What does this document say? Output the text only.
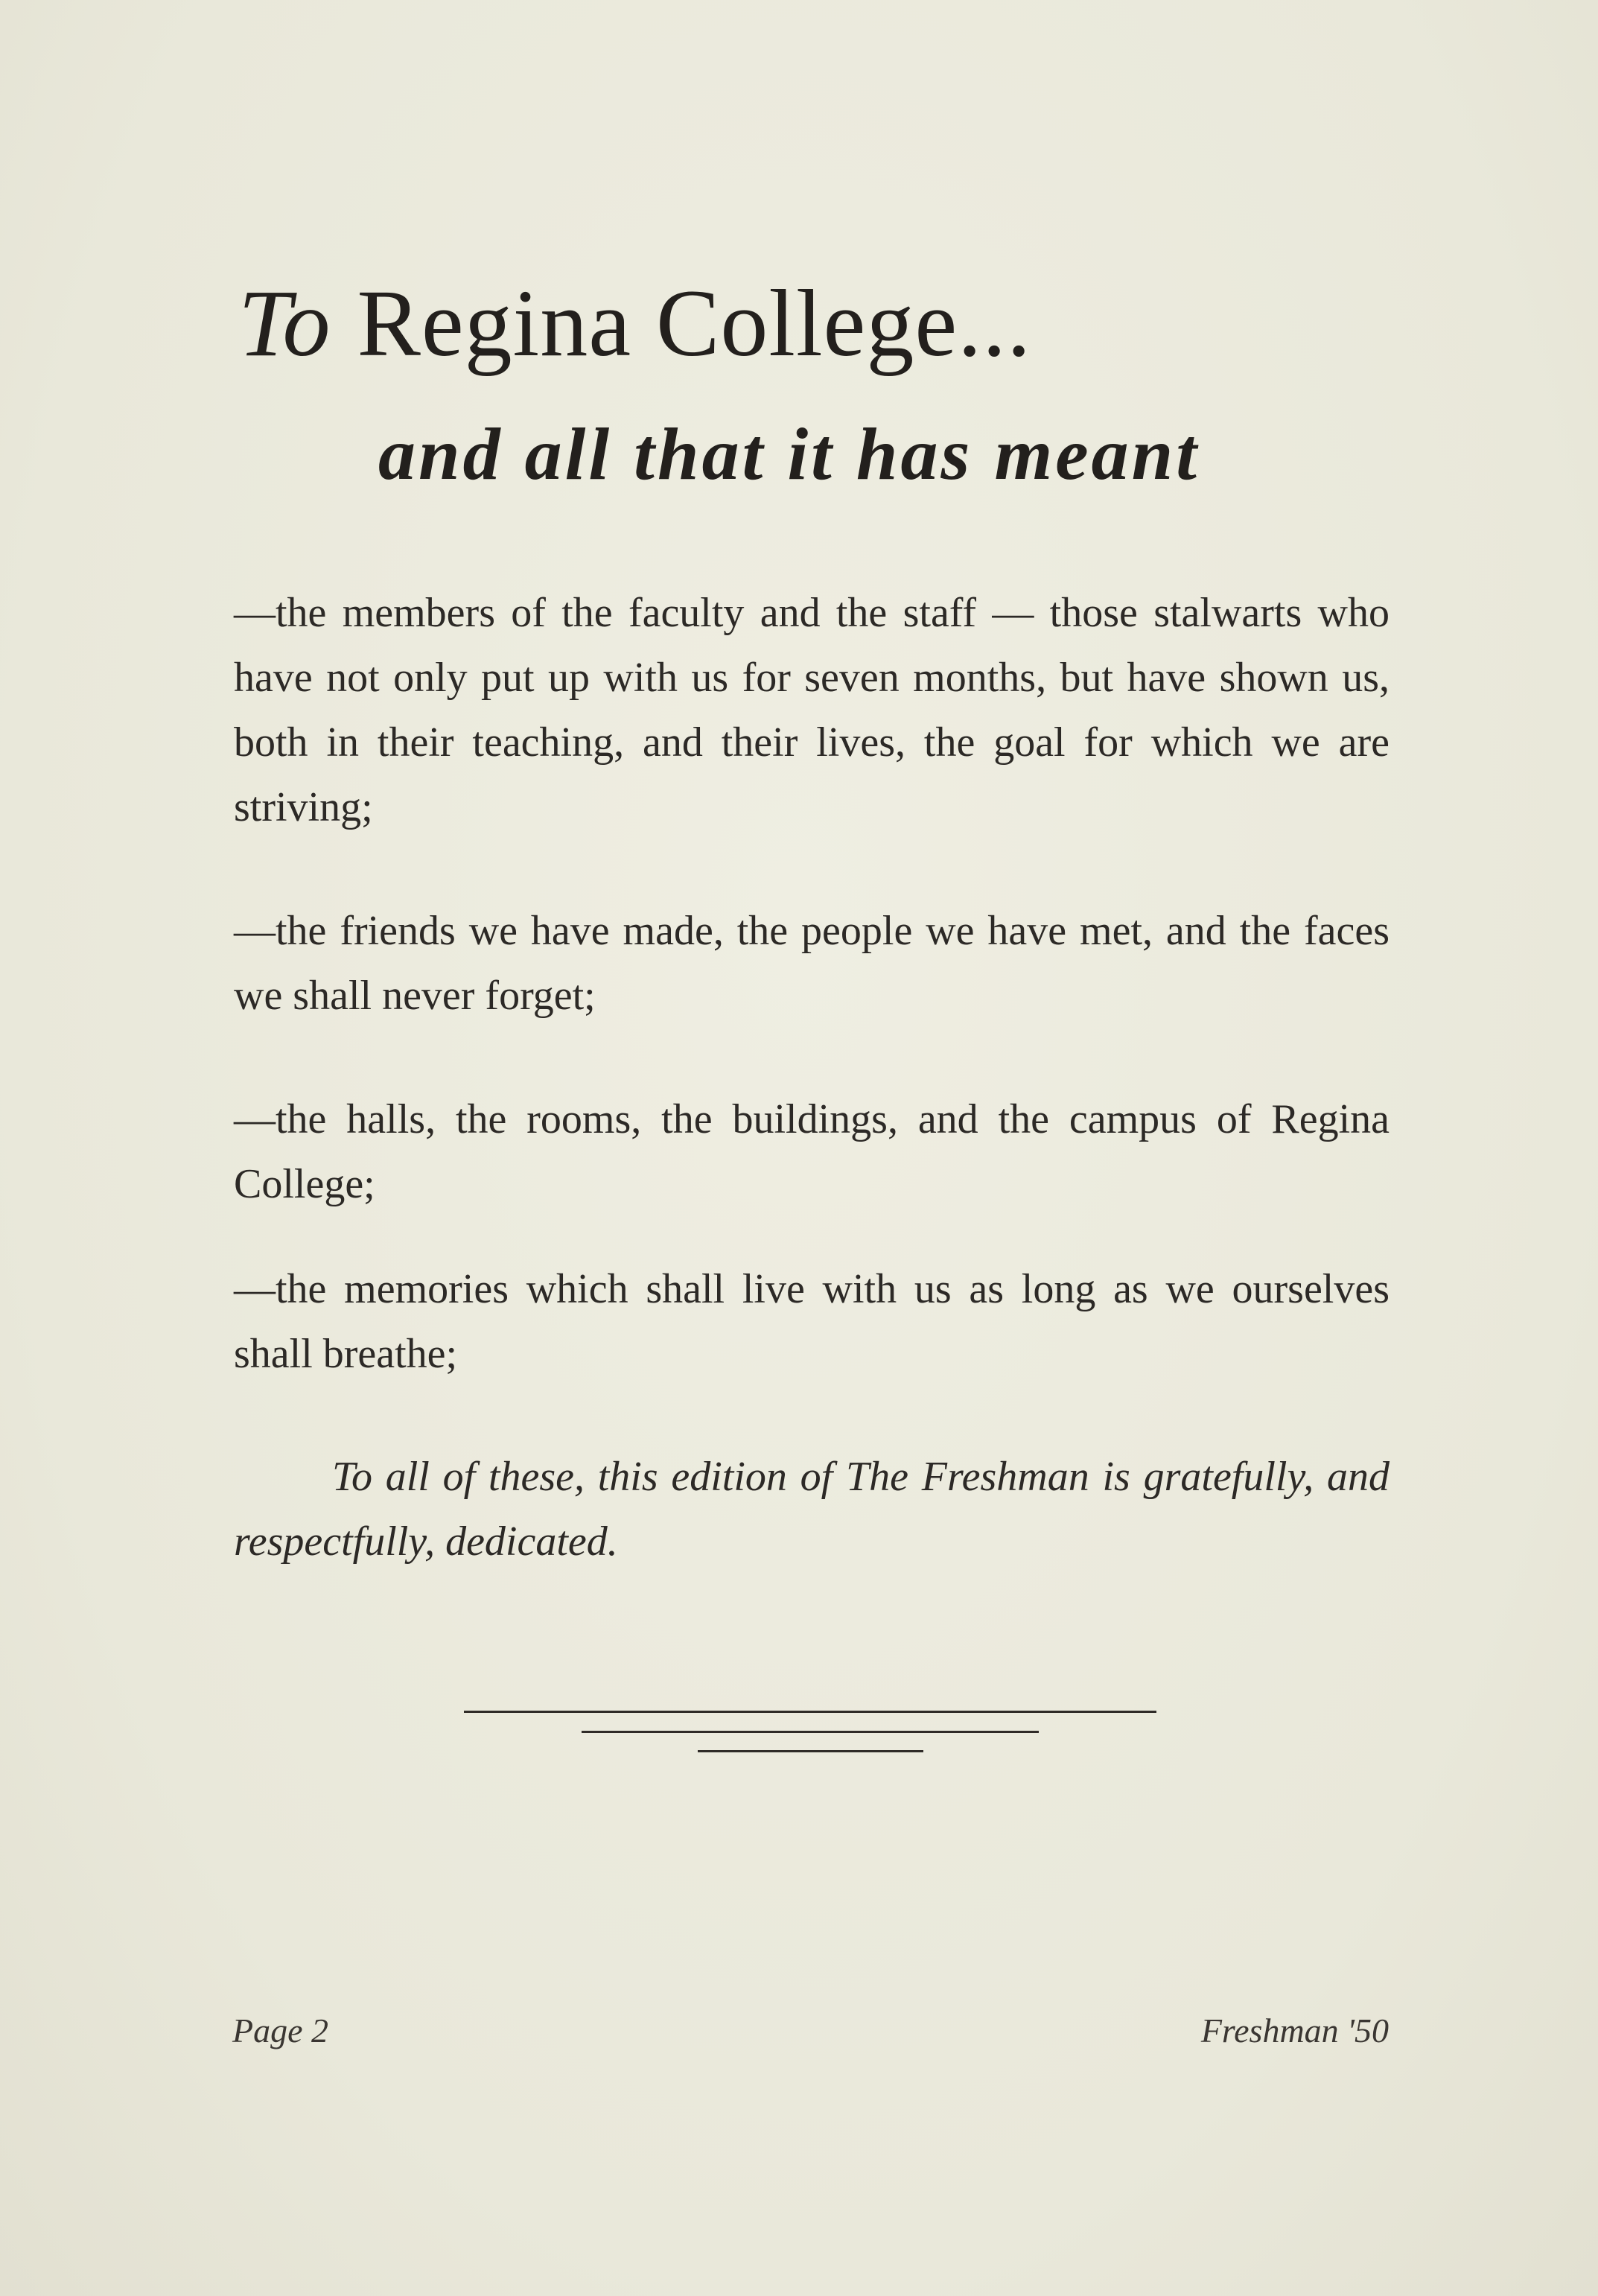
To Regina College...
and all that it has meant

—the members of the faculty and the staff — those stalwarts who have not only put up with us for seven months, but have shown us, both in their teaching, and their lives, the goal for which we are striving;

—the friends we have made, the people we have met, and the faces we shall never forget;

—the halls, the rooms, the buildings, and the campus of Regina College;

—the memories which shall live with us as long as we ourselves shall breathe;

To all of these, this edition of The Freshman is gratefully, and respectfully, dedicated.

Page 2	Freshman '50
